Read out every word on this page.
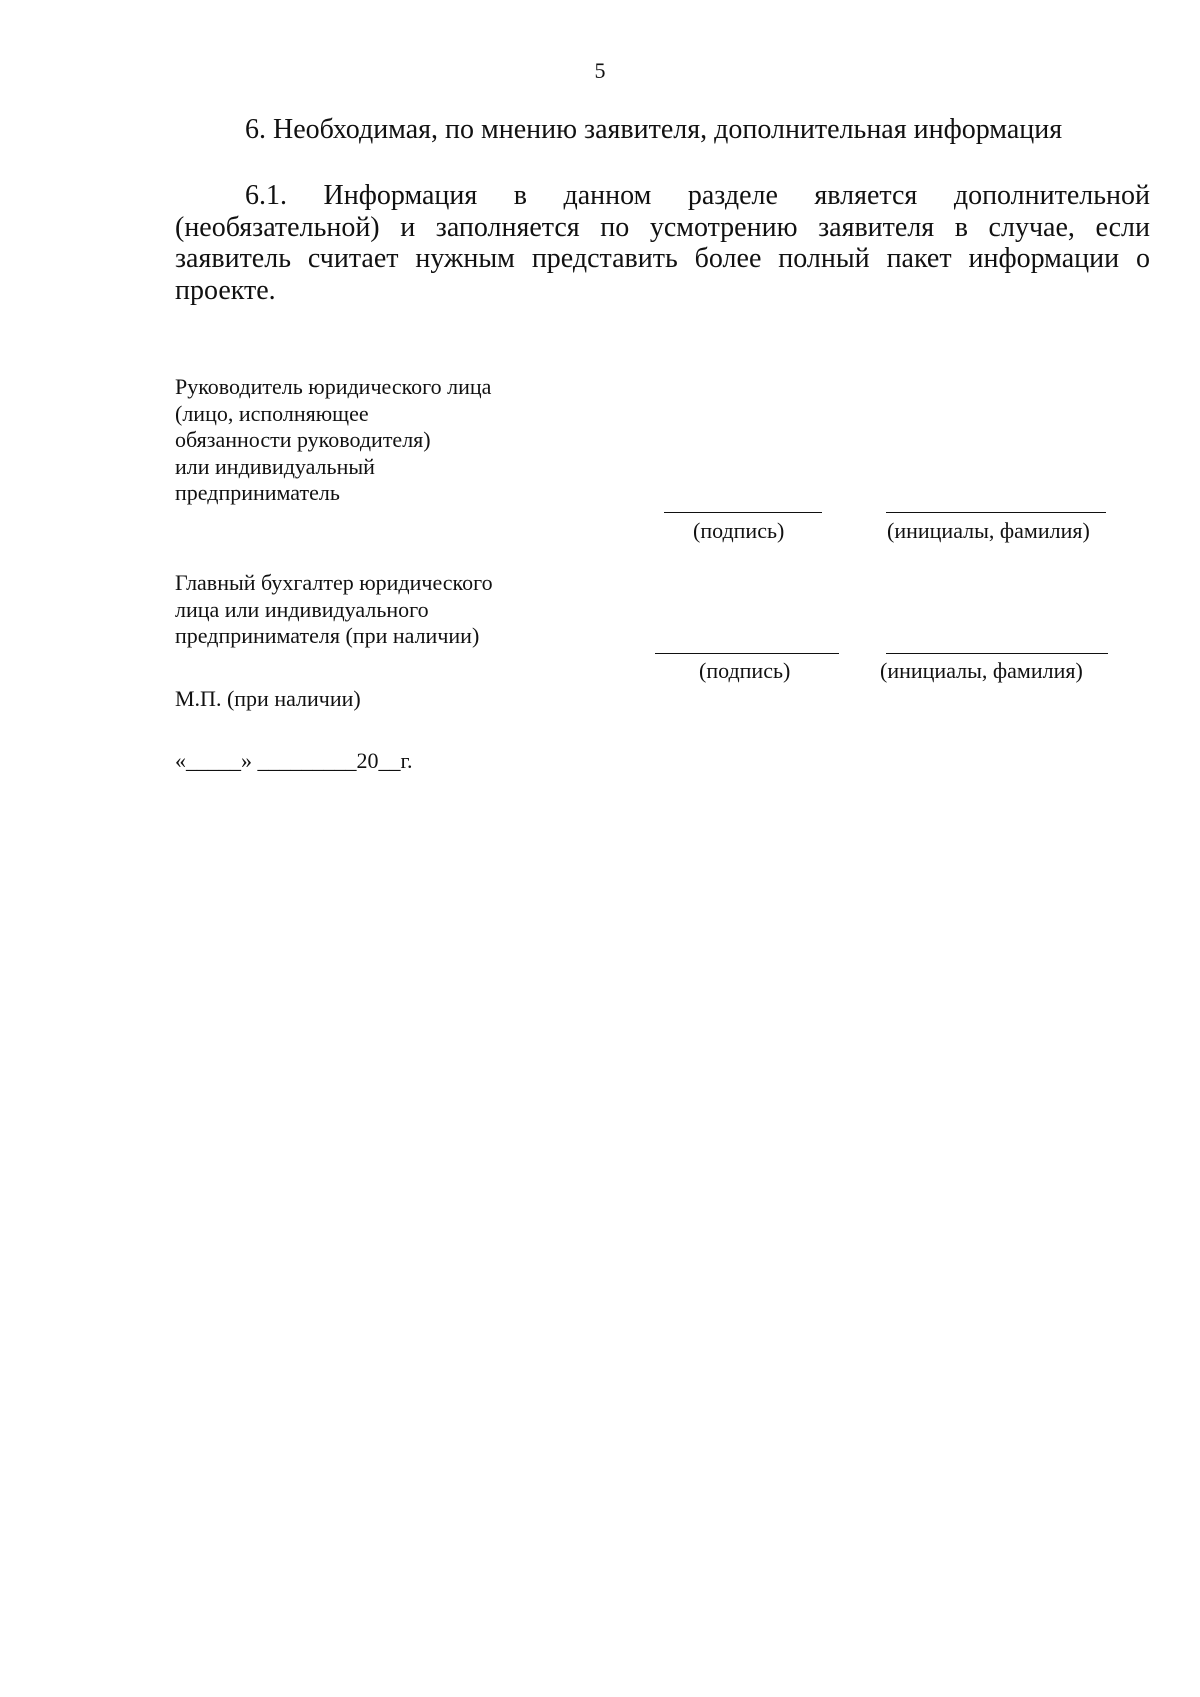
5
6. Необходимая, по мнению заявителя, дополнительная информация
6.1. Информация в данном разделе является дополнительной (необязательной) и заполняется по усмотрению заявителя в случае, если заявитель считает нужным представить более полный пакет информации о проекте.
Руководитель юридического лица
(лицо, исполняющее
обязанности руководителя)
или индивидуальный
предприниматель
(подпись)	(инициалы, фамилия)
Главный бухгалтер юридического
лица или индивидуального
предпринимателя (при наличии)
(подпись)	(инициалы, фамилия)
М.П. (при наличии)
«_____» _________20__г.
